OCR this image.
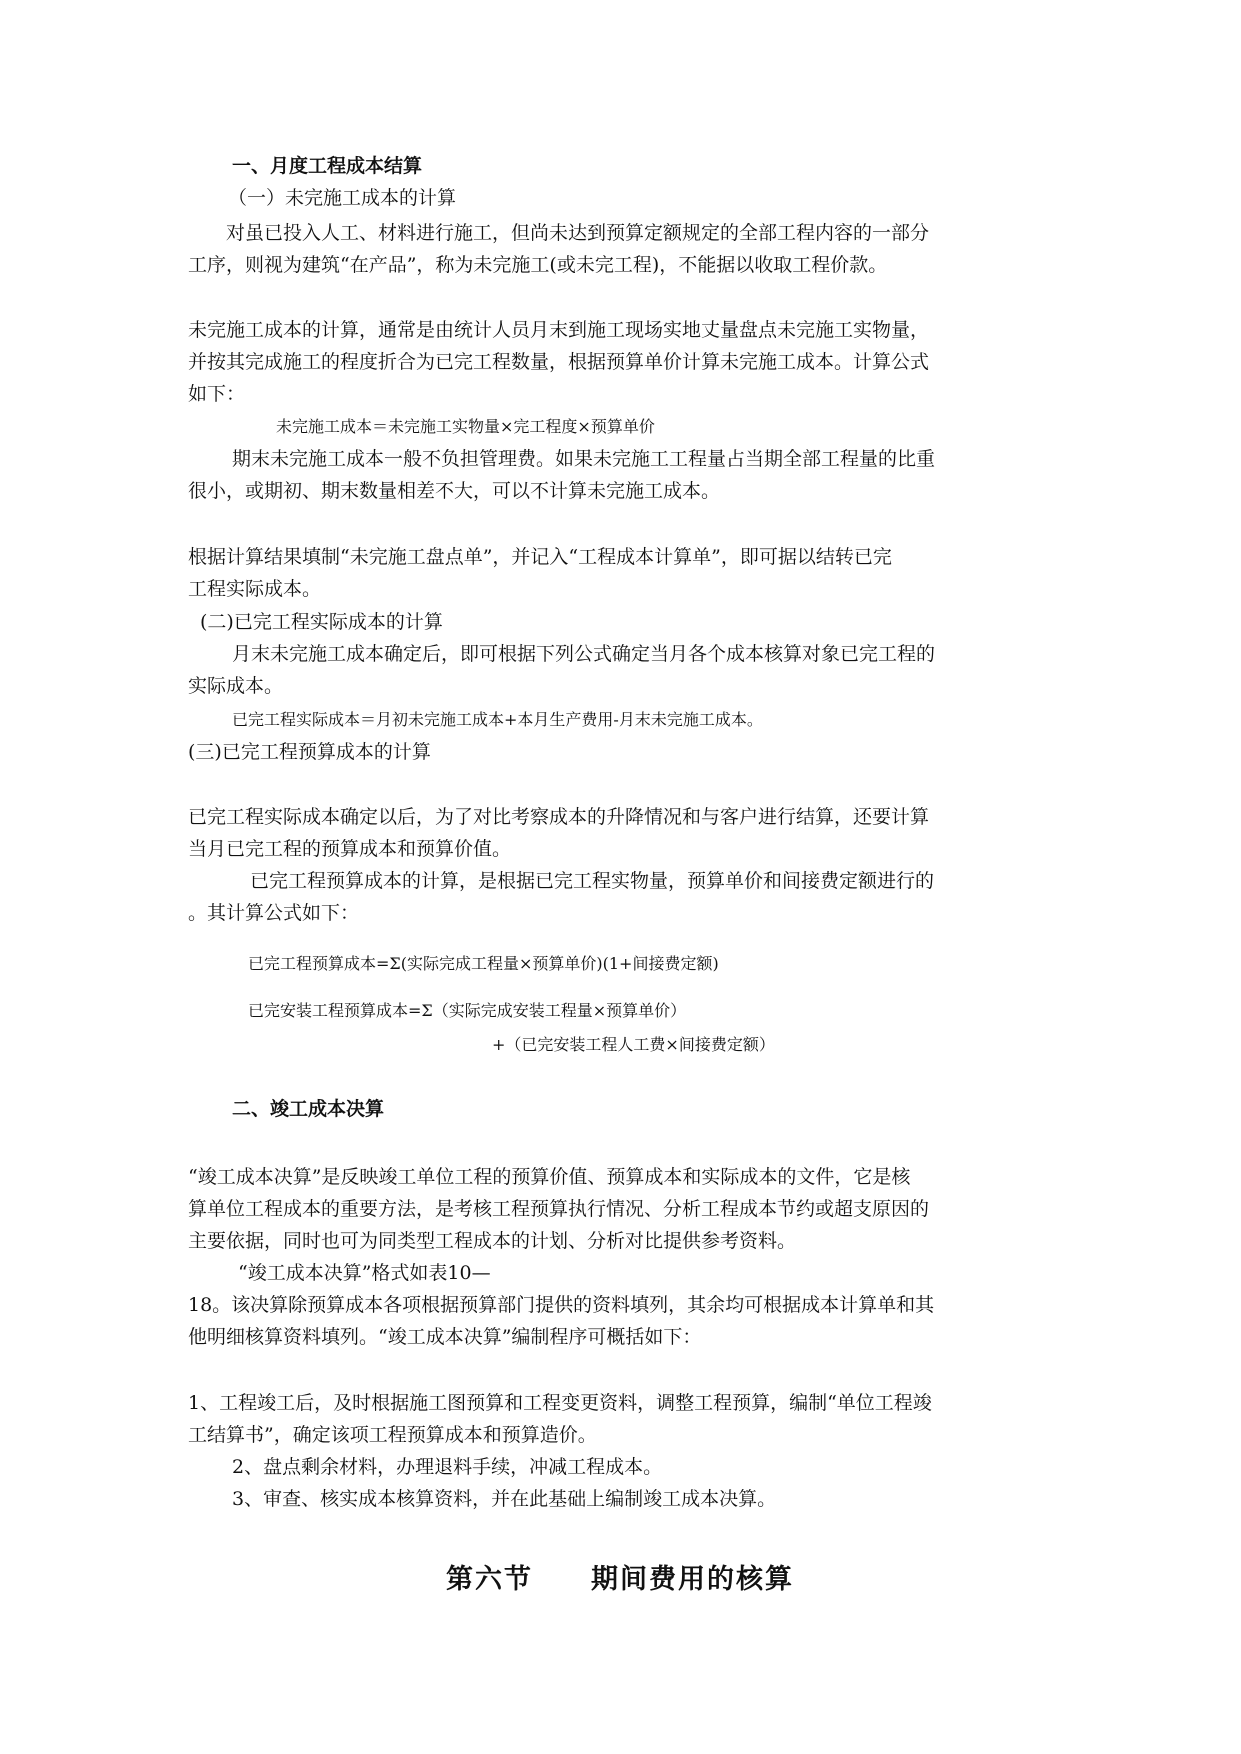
一、月度工程成本结算
（一）未完施工成本的计算
对虽已投入人工、材料进行施工，但尚未达到预算定额规定的全部工程内容的一部分
工序，则视为建筑“在产品”，称为未完施工(或未完工程)，不能据以收取工程价款。
未完施工成本的计算，通常是由统计人员月末到施工现场实地丈量盘点未完施工实物量，
并按其完成施工的程度折合为已完工程数量，根据预算单价计算未完施工成本。计算公式
如下：
未完施工成本＝未完施工实物量×完工程度×预算单价
期末未完施工成本一般不负担管理费。如果未完施工工程量占当期全部工程量的比重
很小，或期初、期末数量相差不大，可以不计算未完施工成本。
根据计算结果填制“未完施工盘点单”，并记入“工程成本计算单”，即可据以结转已完
工程实际成本。
(二)已完工程实际成本的计算
月末未完施工成本确定后，即可根据下列公式确定当月各个成本核算对象已完工程的
实际成本。
已完工程实际成本＝月初未完施工成本+本月生产费用-月末未完施工成本。
(三)已完工程预算成本的计算
已完工程实际成本确定以后，为了对比考察成本的升降情况和与客户进行结算，还要计算
当月已完工程的预算成本和预算价值。
已完工程预算成本的计算，是根据已完工程实物量，预算单价和间接费定额进行的
。其计算公式如下：
已完工程预算成本=Σ(实际完成工程量×预算单价)(1+间接费定额)
已完安装工程预算成本=Σ（实际完成安装工程量×预算单价）
+（已完安装工程人工费×间接费定额）
二、竣工成本决算
“竣工成本决算”是反映竣工单位工程的预算价值、预算成本和实际成本的文件，它是核
算单位工程成本的重要方法，是考核工程预算执行情况、分析工程成本节约或超支原因的
主要依据，同时也可为同类型工程成本的计划、分析对比提供参考资料。
“竣工成本决算”格式如表10—
18。该决算除预算成本各项根据预算部门提供的资料填列，其余均可根据成本计算单和其
他明细核算资料填列。“竣工成本决算”编制程序可概括如下：
1、工程竣工后，及时根据施工图预算和工程变更资料，调整工程预算，编制“单位工程竣
工结算书”，确定该项工程预算成本和预算造价。
2、盘点剩余材料，办理退料手续，冲减工程成本。
3、审查、核实成本核算资料，并在此基础上编制竣工成本决算。
第六节　　期间费用的核算
